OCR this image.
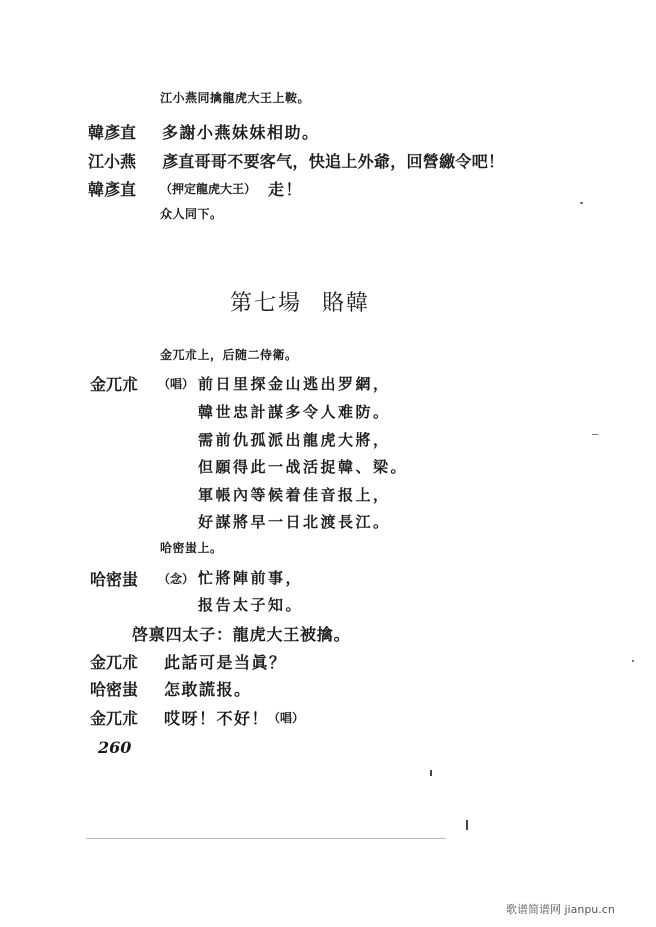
江小燕同擒龍虎大王上鞍。
韓彥直 多謝小燕妹妹相助。
江小燕 彥直哥哥不要客气，快追上外爺，回營繳令吧！
韓彥直 （押定龍虎大王） 走！
众人同下。
第七場 賂韓
金兀朮上，后随二侍衛。
金兀朮 （唱） 前日里探金山逃出罗網，
韓世忠計謀多令人难防。
需前仇孤派出龍虎大將，
但願得此一战活捉韓、梁。
軍帳內等候着佳音报上，
好謀將早一日北渡長江。
哈密蚩上。
哈密蚩 （念） 忙將陣前事，
报告太子知。
啓禀四太子：龍虎大王被擒。
金兀朮 此話可是当眞？
哈密蚩 怎敢謊报。
金兀朮 哎呀！不好！
（唱）
260
歌谱简谱网 jianpu.cn
